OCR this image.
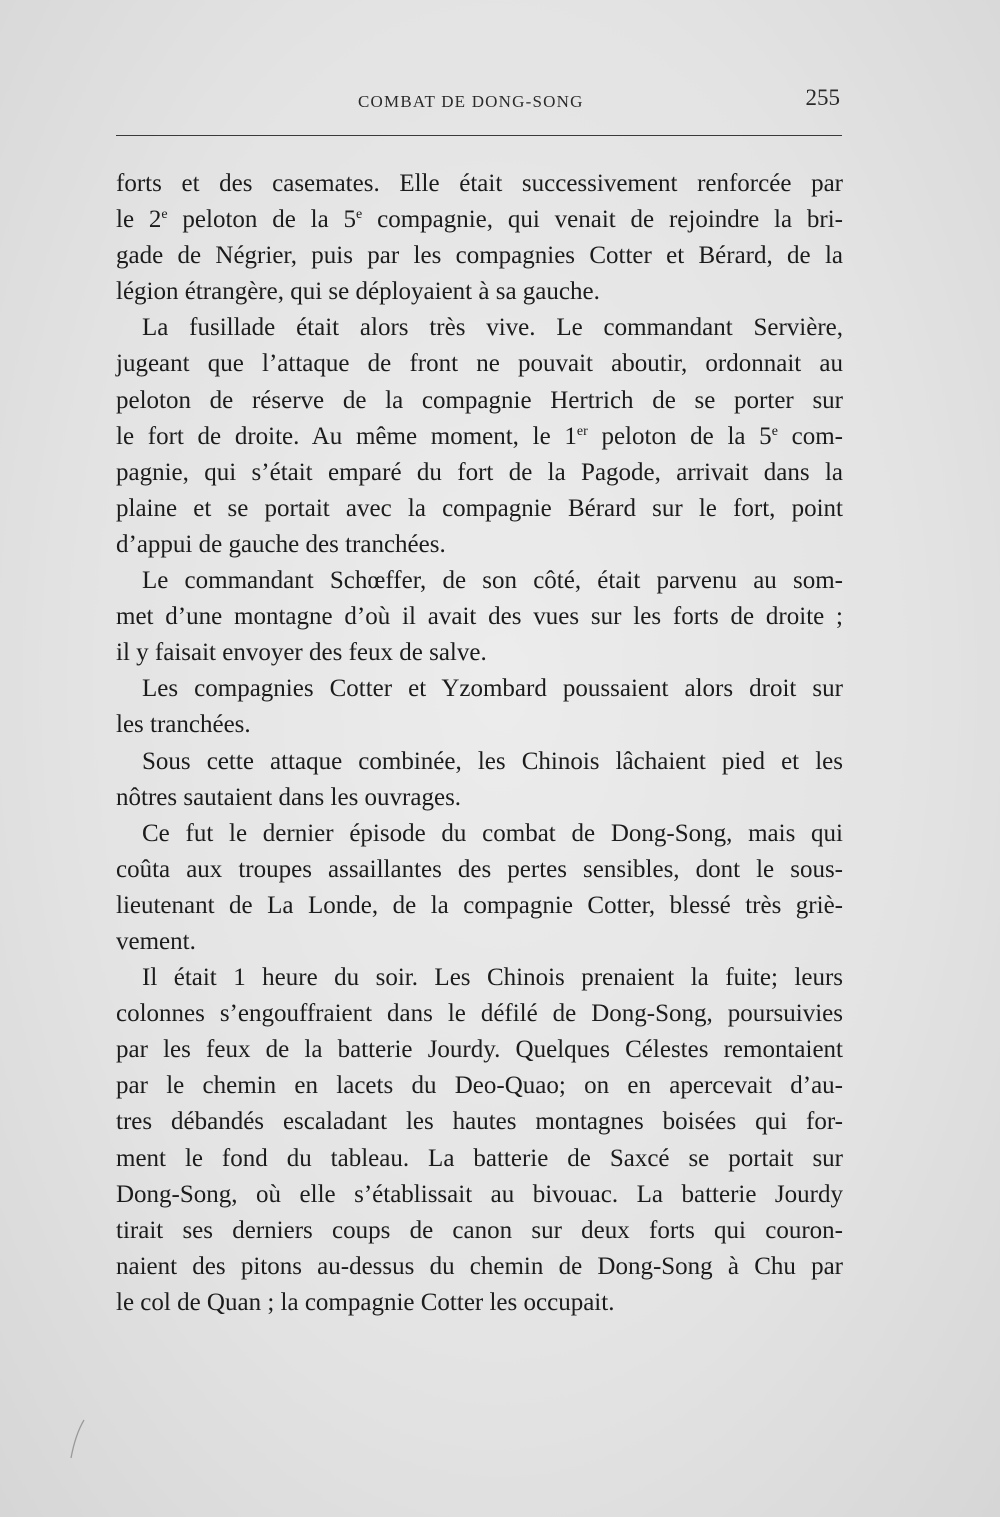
COMBAT DE DONG-SONG	255

forts et des casemates. Elle était successivement renforcée par

le 2e peloton de la 5e compagnie, qui venait de rejoindre la bri-

gade de Négrier, puis par les compagnies Cotter et Bérard, de la

légion étrangère, qui se déployaient à sa gauche.

La fusillade était alors très vive. Le commandant Servière,

jugeant que l’attaque de front ne pouvait aboutir, ordonnait au

peloton de réserve de la compagnie Hertrich de se porter sur

le fort de droite. Au même moment, le 1er peloton de la 5e com-

pagnie, qui s’était emparé du fort de la Pagode, arrivait dans la

plaine et se portait avec la compagnie Bérard sur le fort, point

d’appui de gauche des tranchées.

Le commandant Schœffer, de son côté, était parvenu au som-

met d’une montagne d’où il avait des vues sur les forts de droite ;

il y faisait envoyer des feux de salve.

Les compagnies Cotter et Yzombard poussaient alors droit sur

les tranchées.

Sous cette attaque combinée, les Chinois lâchaient pied et les

nôtres sautaient dans les ouvrages.

Ce fut le dernier épisode du combat de Dong-Song, mais qui

coûta aux troupes assaillantes des pertes sensibles, dont le sous-

lieutenant de La Londe, de la compagnie Cotter, blessé très griè-

vement.

Il était 1 heure du soir. Les Chinois prenaient la fuite; leurs

colonnes s’engouffraient dans le défilé de Dong-Song, poursuivies

par les feux de la batterie Jourdy. Quelques Célestes remontaient

par le chemin en lacets du Deo-Quao; on en apercevait d’au-

tres débandés escaladant les hautes montagnes boisées qui for-

ment le fond du tableau. La batterie de Saxcé se portait sur

Dong-Song, où elle s’établissait au bivouac. La batterie Jourdy

tirait ses derniers coups de canon sur deux forts qui couron-

naient des pitons au-dessus du chemin de Dong-Song à Chu par

le col de Quan ; la compagnie Cotter les occupait.
